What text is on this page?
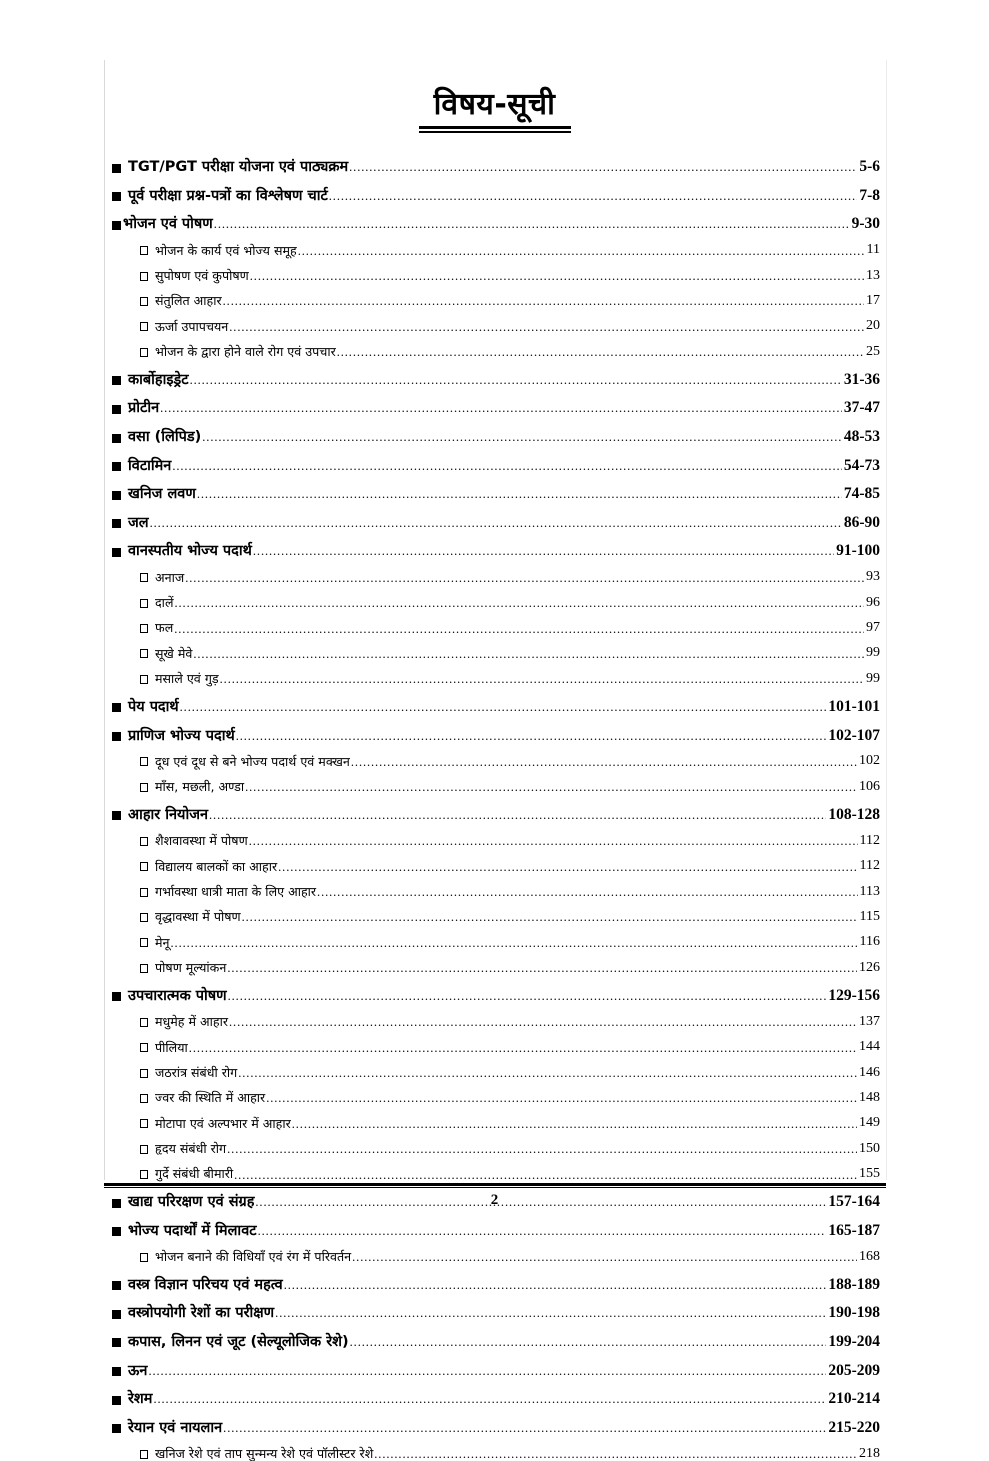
विषय-सूची
TGT/PGT परीक्षा योजना एवं पाठ्यक्रम .....	5-6
पूर्व परीक्षा प्रश्न-पत्रों का विश्लेषण चार्ट .....	7-8
भोजन एवं पोषण .....	9-30
भोजन के कार्य एवं भोज्य समूह .....	11
सुपोषण एवं कुपोषण .....	13
संतुलित आहार .....	17
ऊर्जा उपापचयन .....	20
भोजन के द्वारा होने वाले रोग एवं उपचार .....	25
कार्बोहाइड्रेट .....	31-36
प्रोटीन .....	37-47
वसा (लिपिड) .....	48-53
विटामिन .....	54-73
खनिज लवण .....	74-85
जल .....	86-90
वानस्पतीय भोज्य पदार्थ .....	91-100
अनाज .....	93
दालें .....	96
फल .....	97
सूखे मेवे .....	99
मसाले एवं गुड़ .....	99
पेय पदार्थ .....	101-101
प्राणिज भोज्य पदार्थ .....	102-107
दूध एवं दूध से बने भोज्य पदार्थ एवं मक्खन .....	102
माँस, मछली, अण्डा .....	106
आहार नियोजन .....	108-128
शैशवावस्था में पोषण .....	112
विद्यालय बालकों का आहार .....	112
गर्भावस्था धात्री माता के लिए आहार .....	113
वृद्धावस्था में पोषण .....	115
मेनू .....	116
पोषण मूल्यांकन .....	126
उपचारात्मक पोषण .....	129-156
मधुमेह में आहार .....	137
पीलिया .....	144
जठरांत्र संबंधी रोग .....	146
ज्वर की स्थिति में आहार .....	148
मोटापा एवं अल्पभार में आहार .....	149
हृदय संबंधी रोग .....	150
गुर्दे संबंधी बीमारी .....	155
खाद्य परिरक्षण एवं संग्रह .....	157-164
भोज्य पदार्थों में मिलावट .....	165-187
भोजन बनाने की विधियाँ एवं रंग में परिवर्तन .....	168
वस्त्र विज्ञान परिचय एवं महत्व .....	188-189
वस्त्रोपयोगी रेशों का परीक्षण .....	190-198
कपास, लिनन एवं जूट (सेल्यूलोजिक रेशे) .....	199-204
ऊन .....	205-209
रेशम .....	210-214
रेयान एवं नायलान .....	215-220
खनिज रेशे एवं ताप सुन्मन्य रेशे एवं पॉलीस्टर रेशे .....	218
2
